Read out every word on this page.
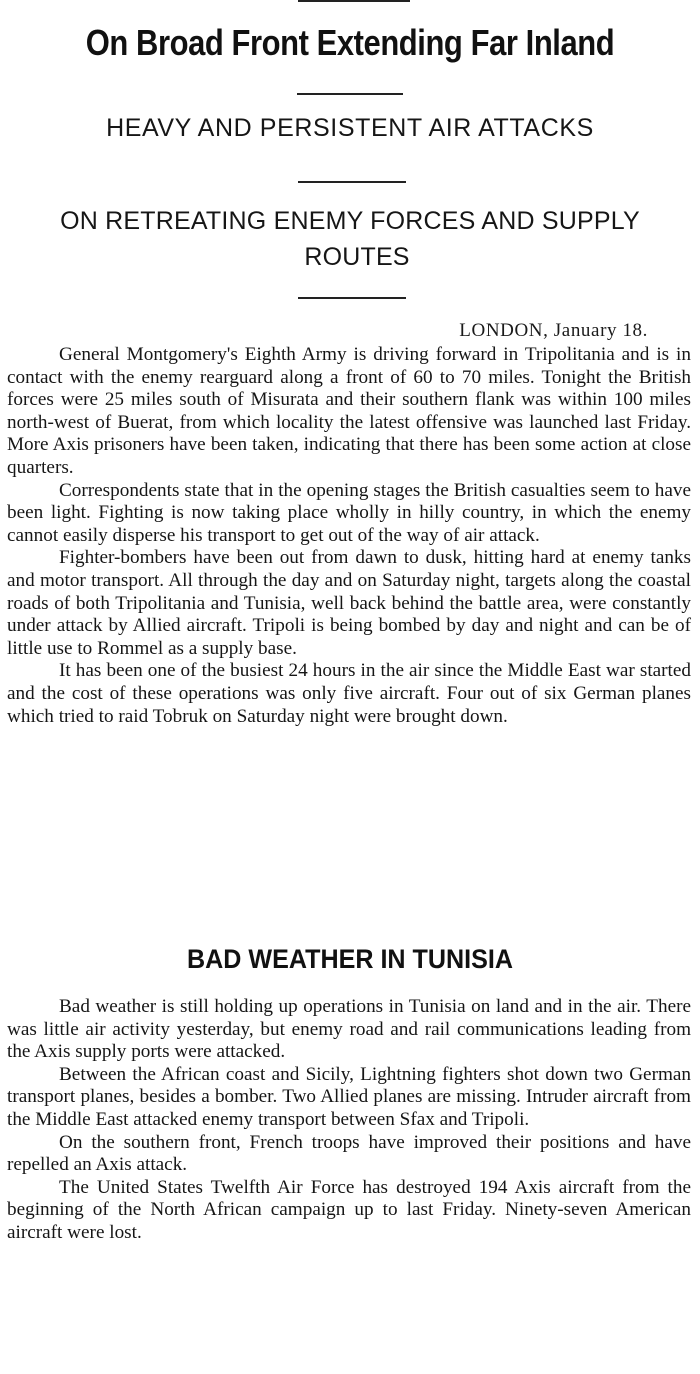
On Broad Front Extending Far Inland
HEAVY AND PERSISTENT AIR ATTACKS
ON RETREATING ENEMY FORCES AND SUPPLY
ROUTES
LONDON, January 18.

General Montgomery's Eighth Army is driving forward in Tripolitania and is in contact with the enemy rearguard along a front of 60 to 70 miles. Tonight the British forces were 25 miles south of Misurata and their southern flank was within 100 miles north-west of Buerat, from which locality the latest offensive was launched last Friday. More Axis prisoners have been taken, indicating that there has been some action at close quarters.

Correspondents state that in the opening stages the British casualties seem to have been light. Fighting is now taking place wholly in hilly country, in which the enemy cannot easily disperse his transport to get out of the way of air attack.

Fighter-bombers have been out from dawn to dusk, hitting hard at enemy tanks and motor transport. All through the day and on Saturday night, targets along the coastal roads of both Tripolitania and Tunisia, well back behind the battle area, were constantly under attack by Allied aircraft. Tripoli is being bombed by day and night and can be of little use to Rommel as a supply base.

It has been one of the busiest 24 hours in the air since the Middle East war started and the cost of these operations was only five aircraft. Four out of six German planes which tried to raid Tobruk on Saturday night were brought down.

BAD WEATHER IN TUNISIA

Bad weather is still holding up operations in Tunisia on land and in the air. There was little air activity yesterday, but enemy road and rail communications leading from the Axis supply ports were attacked.

Between the African coast and Sicily, Lightning fighters shot down two German transport planes, besides a bomber. Two Allied planes are missing. Intruder aircraft from the Middle East attacked enemy transport between Sfax and Tripoli.

On the southern front, French troops have improved their positions and have repelled an Axis attack.

The United States Twelfth Air Force has destroyed 194 Axis aircraft from the beginning of the North African campaign up to last Friday. Ninety-seven American aircraft were lost.
